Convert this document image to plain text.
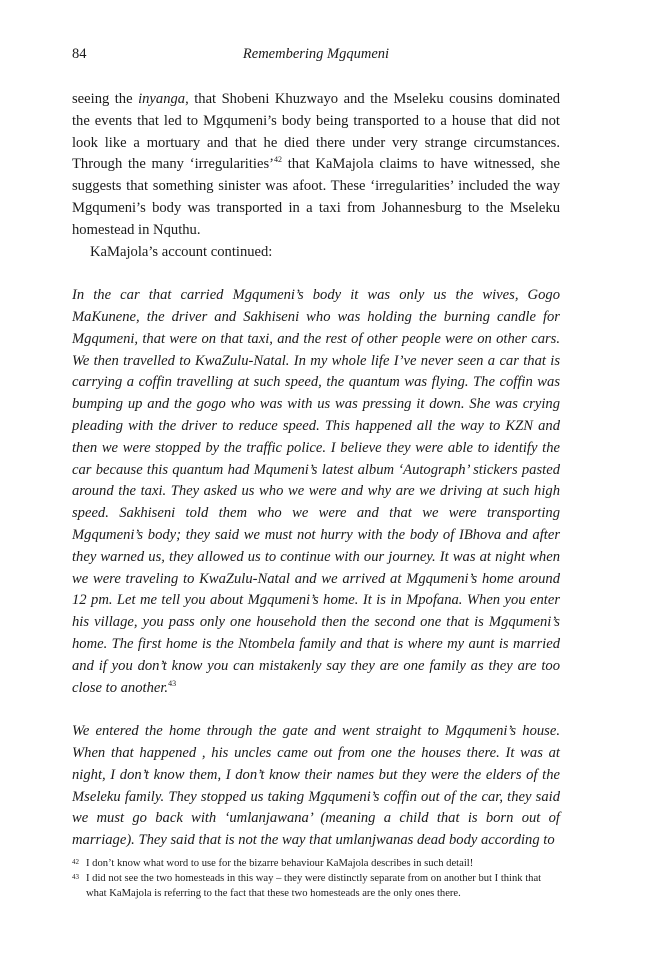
84	Remembering Mgqumeni

seeing the inyanga, that Shobeni Khuzwayo and the Mseleku cousins dominated the events that led to Mgqumeni’s body being transported to a house that did not look like a mortuary and that he died there under very strange circumstances. Through the many ‘irregularities’$^{42}$ that KaMajola claims to have witnessed, she suggests that something sinister was afoot. These ‘irregularities’ included the way Mgqumeni’s body was transported in a taxi from Johannesburg to the Mseleku homestead in Nquthu.

KaMajola’s account continued:

In the car that carried Mgqumeni’s body it was only us the wives, Gogo MaKunene, the driver and Sakhiseni who was holding the burning candle for Mgqumeni, that were on that taxi, and the rest of other people were on other cars. We then travelled to KwaZulu-Natal. In my whole life I’ve never seen a car that is carrying a coffin travelling at such speed, the quantum was flying. The coffin was bumping up and the gogo who was with us was pressing it down. She was crying pleading with the driver to reduce speed. This happened all the way to KZN and then we were stopped by the traffic police. I believe they were able to identify the car because this quantum had Mqumeni’s latest album ‘Autograph’ stickers pasted around the taxi. They asked us who we were and why are we driving at such high speed. Sakhiseni told them who we were and that we were transporting Mgqumeni’s body; they said we must not hurry with the body of IBhova and after they warned us, they allowed us to continue with our journey. It was at night when we were traveling to KwaZulu-Natal and we arrived at Mgqumeni’s home around 12 pm. Let me tell you about Mgqumeni’s home. It is in Mpofana. When you enter his village, you pass only one household then the second one that is Mgqumeni’s home. The first home is the Ntombela family and that is where my aunt is married and if you don’t know you can mistakenly say they are one family as they are too close to another.$^{43}$

We entered the home through the gate and went straight to Mgqumeni’s house. When that happened , his uncles came out from one the houses there. It was at night, I don’t know them, I don’t know their names but they were the elders of the Mseleku family. They stopped us taking Mgqumeni’s coffin out of the car, they said we must go back with ‘umlanjawana’ (meaning a child that is born out of marriage). They said that is not the way that umlanjwanas dead body according to

42 I don’t know what word to use for the bizarre behaviour KaMajola describes in such detail!
43 I did not see the two homesteads in this way – they were distinctly separate from on another but I think that what KaMajola is referring to the fact that these two homesteads are the only ones there.
